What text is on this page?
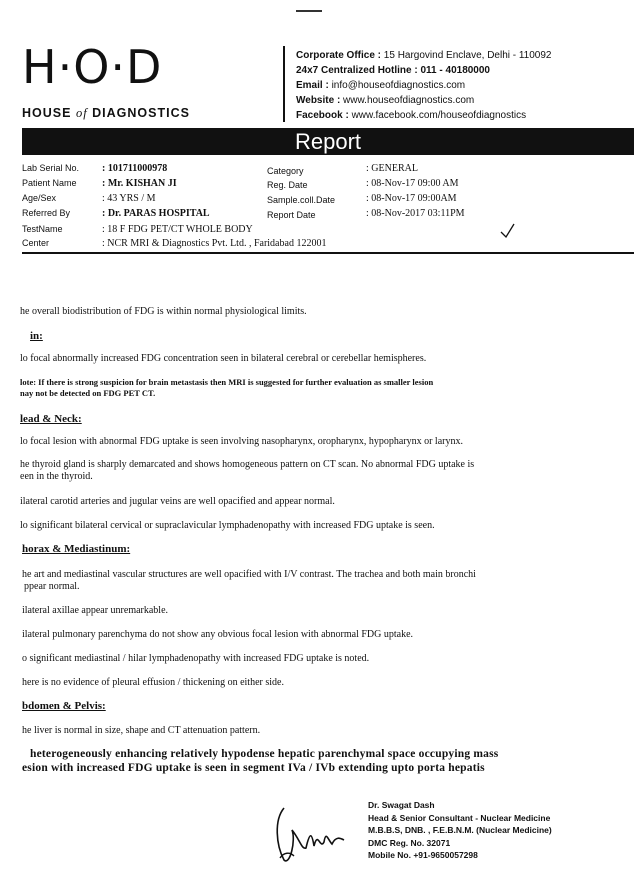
H·O·D
HOUSE of DIAGNOSTICS
Corporate Office : 15 Hargovind Enclave, Delhi - 110092
24x7 Centralized Hotline : 011 - 40180000
Email : info@houseofdiagnostics.com
Website : www.houseofdiagnostics.com
Facebook : www.facebook.com/houseofdiagnostics
Report
Lab Serial No. : 101711000978
Patient Name	: Mr. KISHAN JI
Age/Sex	: 43 YRS / M
Referred By	: Dr. PARAS HOSPITAL
TestName	: 18 F FDG PET/CT WHOLE BODY
Center	: NCR MRI & Diagnostics Pvt. Ltd. , Faridabad 122001
Category	: GENERAL
Reg. Date	: 08-Nov-17 09:00 AM
Sample.coll.Date	: 08-Nov-17 09:00AM
Report Date	: 08-Nov-2017 03:11PM
he overall biodistribution of FDG is within normal physiological limits.
in:
lo focal abnormally increased FDG concentration seen in bilateral cerebral or cerebellar hemispheres.
lote: If there is strong suspicion for brain metastasis then MRI is suggested for further evaluation as smaller lesion
nay not be detected on FDG PET CT.
lead & Neck:
lo focal lesion with abnormal FDG uptake is seen involving nasopharynx, oropharynx, hypopharynx or larynx.
he thyroid gland is sharply demarcated and shows homogeneous pattern on CT scan. No abnormal FDG uptake is
een in the thyroid.
ilateral carotid arteries and jugular veins are well opacified and appear normal.
lo significant bilateral cervical or supraclavicular lymphadenopathy with increased FDG uptake is seen.
horax & Mediastinum:
he art and mediastinal vascular structures are well opacified with I/V contrast. The trachea and both main bronchi
ppear normal.
ilateral axillae appear unremarkable.
ilateral pulmonary parenchyma do not show any obvious focal lesion with abnormal FDG uptake.
o significant mediastinal / hilar lymphadenopathy with increased FDG uptake is noted.
here is no evidence of pleural effusion / thickening on either side.
bdomen & Pelvis:
he liver is normal in size, shape and CT attenuation pattern.
heterogeneously enhancing relatively hypodense hepatic parenchymal space occupying mass
esion with increased FDG uptake is seen in segment IVa / IVb extending upto porta hepatis
Dr. Swagat Dash
Head & Senior Consultant - Nuclear Medicine
M.B.B.S, DNB. , F.E.B.N.M. (Nuclear Medicine)
DMC Reg. No. 32071
Mobile No. +91-9650057298
